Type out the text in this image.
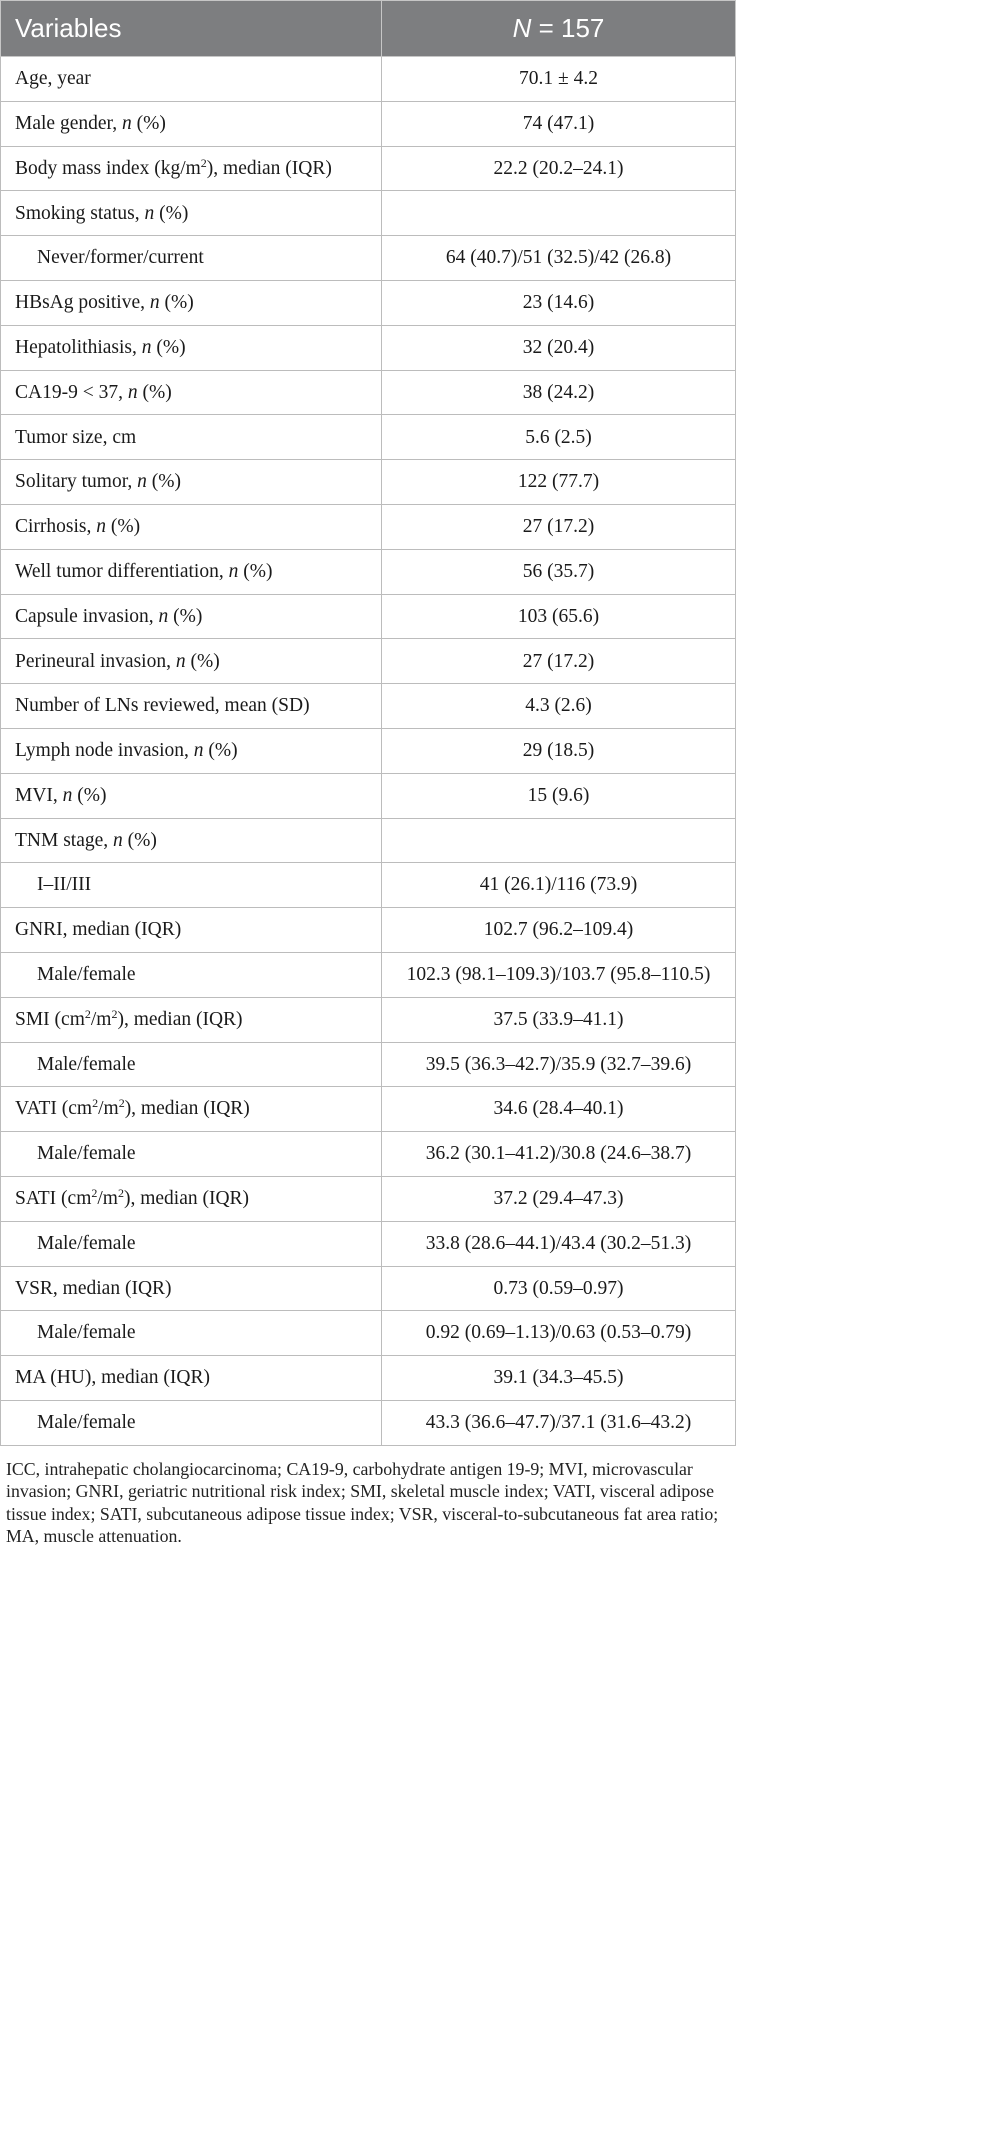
Variables	N = 157
Age, year	70.1 ± 4.2
Male gender, n (%)	74 (47.1)
Body mass index $(kg/m^2)$, median (IQR)	22.2 (20.2–24.1)
Smoking status, n (%)	
Never/former/current	64 (40.7)/51 (32.5)/42 (26.8)
HBsAg positive, n (%)	23 (14.6)
Hepatolithiasis, n (%)	32 (20.4)
CA19-9 < 37, n (%)	38 (24.2)
Tumor size, cm	5.6 (2.5)
Solitary tumor, n (%)	122 (77.7)
Cirrhosis, n (%)	27 (17.2)
Well tumor differentiation, n (%)	56 (35.7)
Capsule invasion, n (%)	103 (65.6)
Perineural invasion, n (%)	27 (17.2)
Number of LNs reviewed, mean (SD)	4.3 (2.6)
Lymph node invasion, n (%)	29 (18.5)
MVI, n (%)	15 (9.6)
TNM stage, n (%)	
I–II/III	41 (26.1)/116 (73.9)
GNRI, median (IQR)	102.7 (96.2–109.4)
Male/female	102.3 (98.1–109.3)/103.7 (95.8–110.5)
SMI $(cm^2/m^2)$, median (IQR)	37.5 (33.9–41.1)
Male/female	39.5 (36.3–42.7)/35.9 (32.7–39.6)
VATI $(cm^2/m^2)$, median (IQR)	34.6 (28.4–40.1)
Male/female	36.2 (30.1–41.2)/30.8 (24.6–38.7)
SATI $(cm^2/m^2)$, median (IQR)	37.2 (29.4–47.3)
Male/female	33.8 (28.6–44.1)/43.4 (30.2–51.3)
VSR, median (IQR)	0.73 (0.59–0.97)
Male/female	0.92 (0.69–1.13)/0.63 (0.53–0.79)
MA (HU), median (IQR)	39.1 (34.3–45.5)
Male/female	43.3 (36.6–47.7)/37.1 (31.6–43.2)

ICC, intrahepatic cholangiocarcinoma; CA19-9, carbohydrate antigen 19-9; MVI, microvascular invasion; GNRI, geriatric nutritional risk index; SMI, skeletal muscle index; VATI, visceral adipose tissue index; SATI, subcutaneous adipose tissue index; VSR, visceral-to-subcutaneous fat area ratio; MA, muscle attenuation.
